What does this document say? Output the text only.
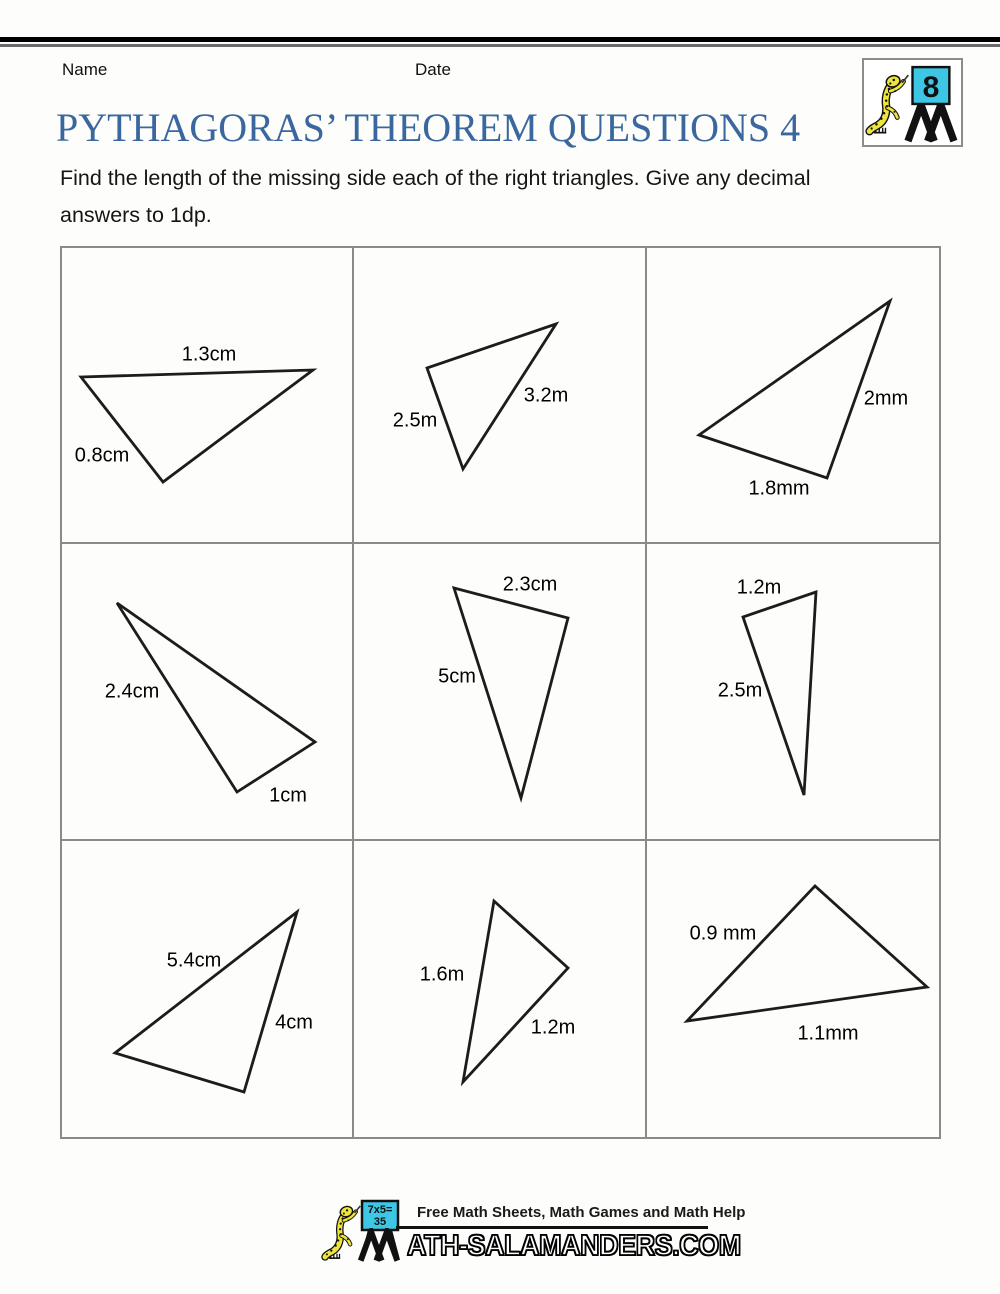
Name	Date
8
PYTHAGORAS’ THEOREM QUESTIONS 4
Find the length of the missing side each of the right triangles. Give any decimal
answers to 1dp.
1.3cm
0.8cm
3.2m
2.5m
2mm
1.8mm
2.4cm
1cm
2.3cm
5cm
1.2m
2.5m
5.4cm
4cm
1.6m
1.2m
0.9 mm
1.1mm
7x5=
35
Free Math Sheets, Math Games and Math Help
ATH-SALAMANDERS.COM
